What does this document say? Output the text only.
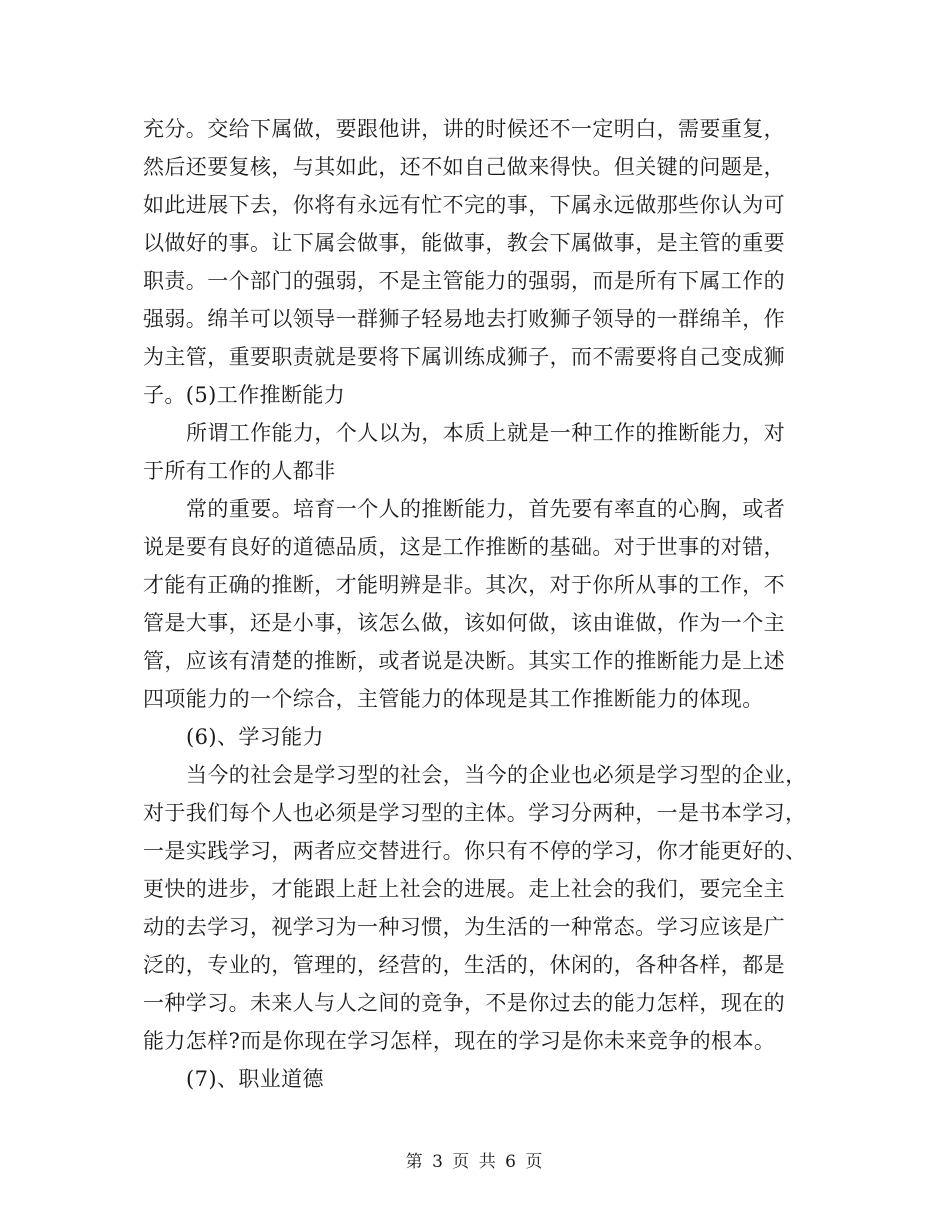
充分。交给下属做，要跟他讲，讲的时候还不一定明白，需要重复，
然后还要复核，与其如此，还不如自己做来得快。但关键的问题是，
如此进展下去，你将有永远有忙不完的事，下属永远做那些你认为可
以做好的事。让下属会做事，能做事，教会下属做事，是主管的重要
职责。一个部门的强弱，不是主管能力的强弱，而是所有下属工作的
强弱。绵羊可以领导一群狮子轻易地去打败狮子领导的一群绵羊，作
为主管，重要职责就是要将下属训练成狮子，而不需要将自己变成狮
子。(5)工作推断能力
所谓工作能力，个人以为，本质上就是一种工作的推断能力，对
于所有工作的人都非
常的重要。培育一个人的推断能力，首先要有率直的心胸，或者
说是要有良好的道德品质，这是工作推断的基础。对于世事的对错，
才能有正确的推断，才能明辨是非。其次，对于你所从事的工作，不
管是大事，还是小事，该怎么做，该如何做，该由谁做，作为一个主
管，应该有清楚的推断，或者说是决断。其实工作的推断能力是上述
四项能力的一个综合，主管能力的体现是其工作推断能力的体现。
(6)、学习能力
当今的社会是学习型的社会，当今的企业也必须是学习型的企业，
对于我们每个人也必须是学习型的主体。学习分两种，一是书本学习，
一是实践学习，两者应交替进行。你只有不停的学习，你才能更好的、
更快的进步，才能跟上赶上社会的进展。走上社会的我们，要完全主
动的去学习，视学习为一种习惯，为生活的一种常态。学习应该是广
泛的，专业的，管理的，经营的，生活的，休闲的，各种各样，都是
一种学习。未来人与人之间的竞争，不是你过去的能力怎样，现在的
能力怎样?而是你现在学习怎样，现在的学习是你未来竞争的根本。
(7)、职业道德
第 3 页 共 6 页
